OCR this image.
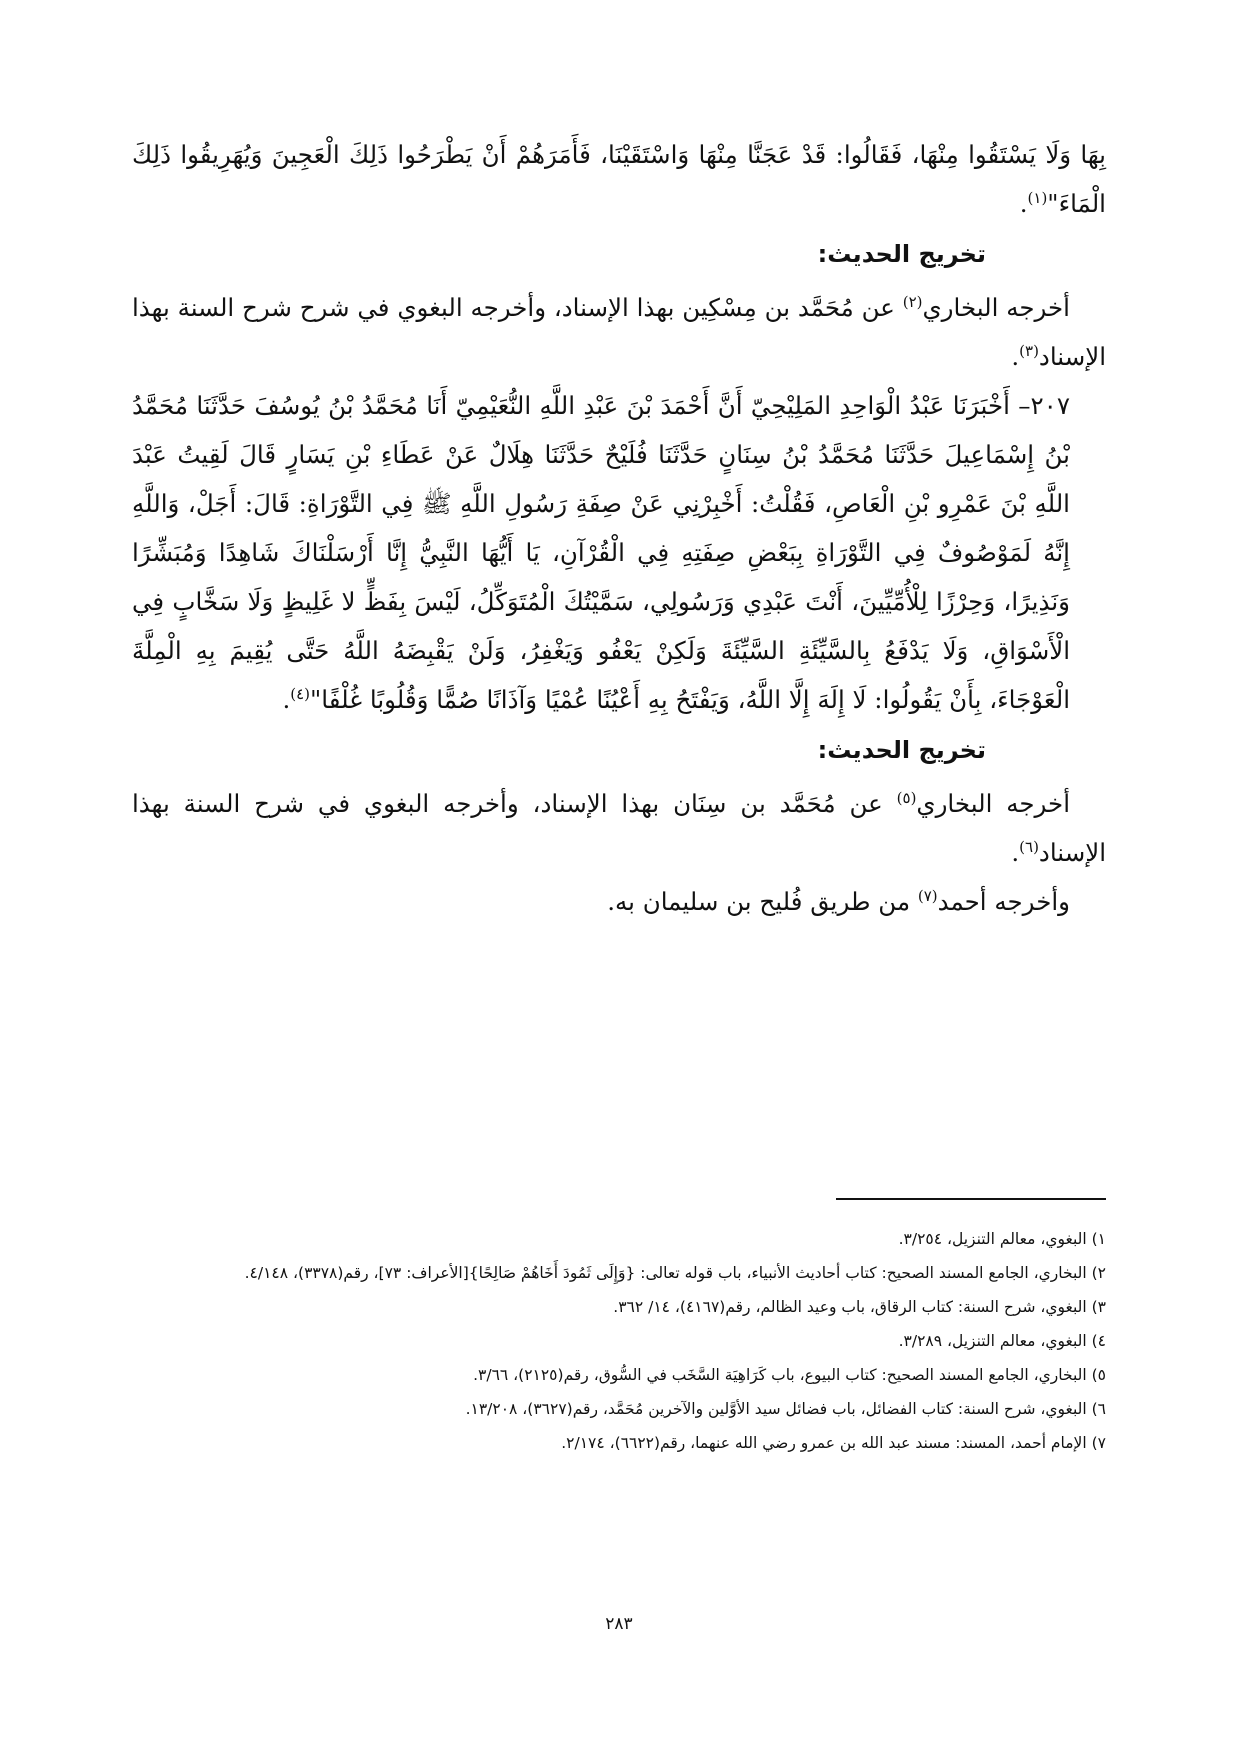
بِهَا وَلَا يَسْتَقُوا مِنْهَا، فَقَالُوا: قَدْ عَجَنَّا مِنْهَا وَاسْتَقَيْنَا، فَأَمَرَهُمْ أَنْ يَطْرَحُوا ذَلِكَ الْعَجِينَ وَيُهَرِيقُوا ذَلِكَ الْمَاءَ"$^{(١)}$.

تخريج الحديث:

أخرجه البخاري$^{(٢)}$ عن مُحَمَّد بن مِسْكِين بهذا الإسناد، وأخرجه البغوي في شرح شرح السنة بهذا الإسناد$^{(٣)}$.

٢٠٧– أَخْبَرَنَا عَبْدُ الْوَاحِدِ المَلِيْحِيّ أَنَّ أَحْمَدَ بْنَ عَبْدِ اللَّهِ النُّعَيْمِيّ أَنَا مُحَمَّدُ بْنُ يُوسُفَ حَدَّثَنَا مُحَمَّدُ بْنُ إِسْمَاعِيلَ حَدَّثَنَا مُحَمَّدُ بْنُ سِنَانٍ حَدَّثَنَا فُلَيْحٌ حَدَّثَنَا هِلَالٌ عَنْ عَطَاءِ بْنِ يَسَارٍ قَالَ لَقِيتُ عَبْدَ اللَّهِ بْنَ عَمْرِو بْنِ الْعَاصِ، فَقُلْتُ: أَخْبِرْنِي عَنْ صِفَةِ رَسُولِ اللَّهِ ﷺ فِي التَّوْرَاةِ: قَالَ: أَجَلْ، وَاللَّهِ إِنَّهُ لَمَوْصُوفٌ فِي التَّوْرَاةِ بِبَعْضِ صِفَتِهِ فِي الْقُرْآنِ، يَا أَيُّهَا النَّبِيُّ إِنَّا أَرْسَلْنَاكَ شَاهِدًا وَمُبَشِّرًا وَنَذِيرًا، وَحِرْزًا لِلْأُمِّيِّينَ، أَنْتَ عَبْدِي وَرَسُولِي، سَمَّيْتُكَ الْمُتَوَكِّلُ، لَيْسَ بِفَظٍّ لا غَلِيظٍ وَلَا سَخَّابٍ فِي الْأَسْوَاقِ، وَلَا يَدْفَعُ بِالسَّيِّئَةِ السَّيِّئَةَ وَلَكِنْ يَعْفُو وَيَغْفِرُ، وَلَنْ يَقْبِضَهُ اللَّهُ حَتَّى يُقِيمَ بِهِ الْمِلَّةَ الْعَوْجَاءَ، بِأَنْ يَقُولُوا: لَا إِلَهَ إِلَّا اللَّهُ، وَيَفْتَحُ بِهِ أَعْيُنًا عُمْيًا وَآذَانًا صُمًّا وَقُلُوبًا غُلْفًا"$^{(٤)}$.

تخريج الحديث:

أخرجه البخاري$^{(٥)}$ عن مُحَمَّد بن سِنَان بهذا الإسناد، وأخرجه البغوي في شرح السنة بهذا الإسناد$^{(٦)}$.

وأخرجه أحمد$^{(٧)}$ من طريق فُليح بن سليمان به.

١) البغوي، معالم التنزيل، ٣/٢٥٤.
٢) البخاري، الجامع المسند الصحيح: كتاب أحاديث الأنبياء، باب قوله تعالى: {وَإِلَى ثَمُودَ أَخَاهُمْ صَالِحًا}[الأعراف: ٧٣]، رقم(٣٣٧٨)، ٤/١٤٨.
٣) البغوي، شرح السنة: كتاب الرقاق، باب وعيد الظالم، رقم(٤١٦٧)، ١٤/ ٣٦٢.
٤) البغوي، معالم التنزيل، ٣/٢٨٩.
٥) البخاري، الجامع المسند الصحيح: كتاب البيوع، باب كَرَاهِيَة السَّخَب في السُّوق، رقم(٢١٢٥)، ٣/٦٦.
٦) البغوي، شرح السنة: كتاب الفضائل، باب فضائل سيد الأوَّلين والآخرين مُحَمَّد، رقم(٣٦٢٧)، ١٣/٢٠٨.
٧) الإمام أحمد، المسند: مسند عبد الله بن عمرو رضي الله عنهما، رقم(٦٦٢٢)، ٢/١٧٤.
٢٨٣
